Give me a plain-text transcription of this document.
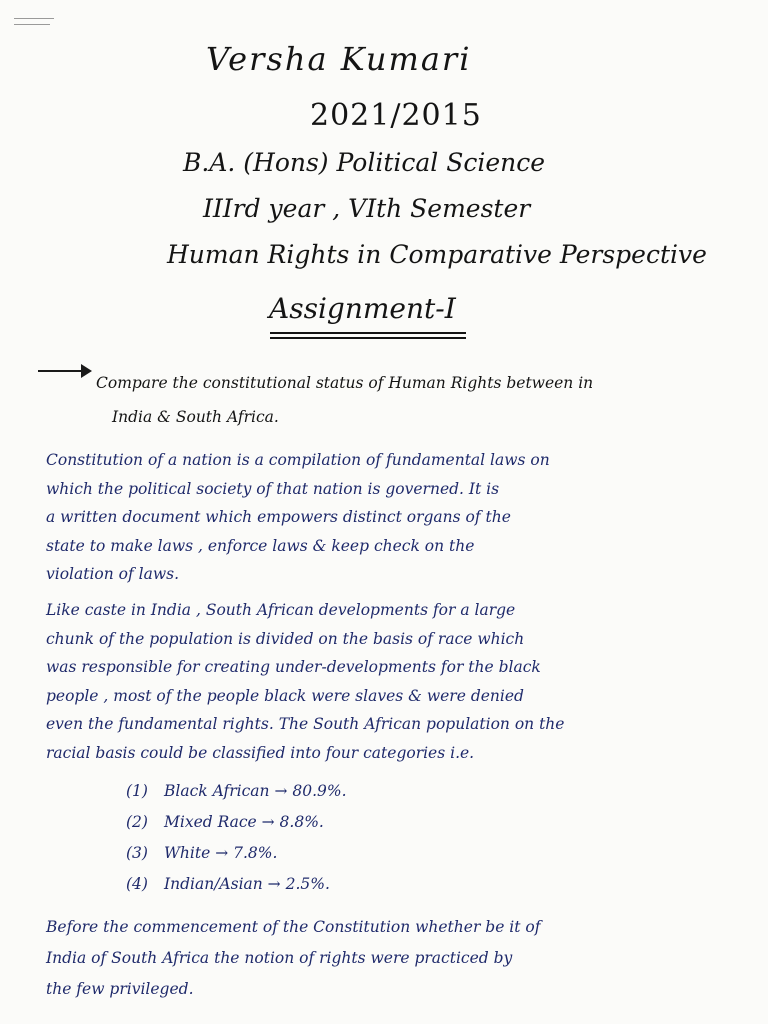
Versha Kumari
2021/2015
B.A. (Hons) Political Science
IIIrd year , VIth Semester
Human Rights in Comparative Perspective
Assignment-I
Compare the constitutional status of Human Rights between in
India & South Africa.
Constitution of a nation is a compilation of fundamental laws on
which the political society of that nation is governed. It is
a written document which empowers distinct organs of the
state to make laws , enforce laws & keep check on the
violation of laws.
Like caste in India , South African developments for a large
chunk of the population is divided on the basis of race which
was responsible for creating under-developments for the black
people , most of the people black were slaves & were denied
even the fundamental rights. The South African population on the
racial basis could be classified into four categories i.e.
(1) Black African → 80.9%.
(2) Mixed Race → 8.8%.
(3) White → 7.8%.
(4) Indian/Asian → 2.5%.
Before the commencement of the Constitution whether be it of
India of South Africa the notion of rights were practiced by
the few privileged.
